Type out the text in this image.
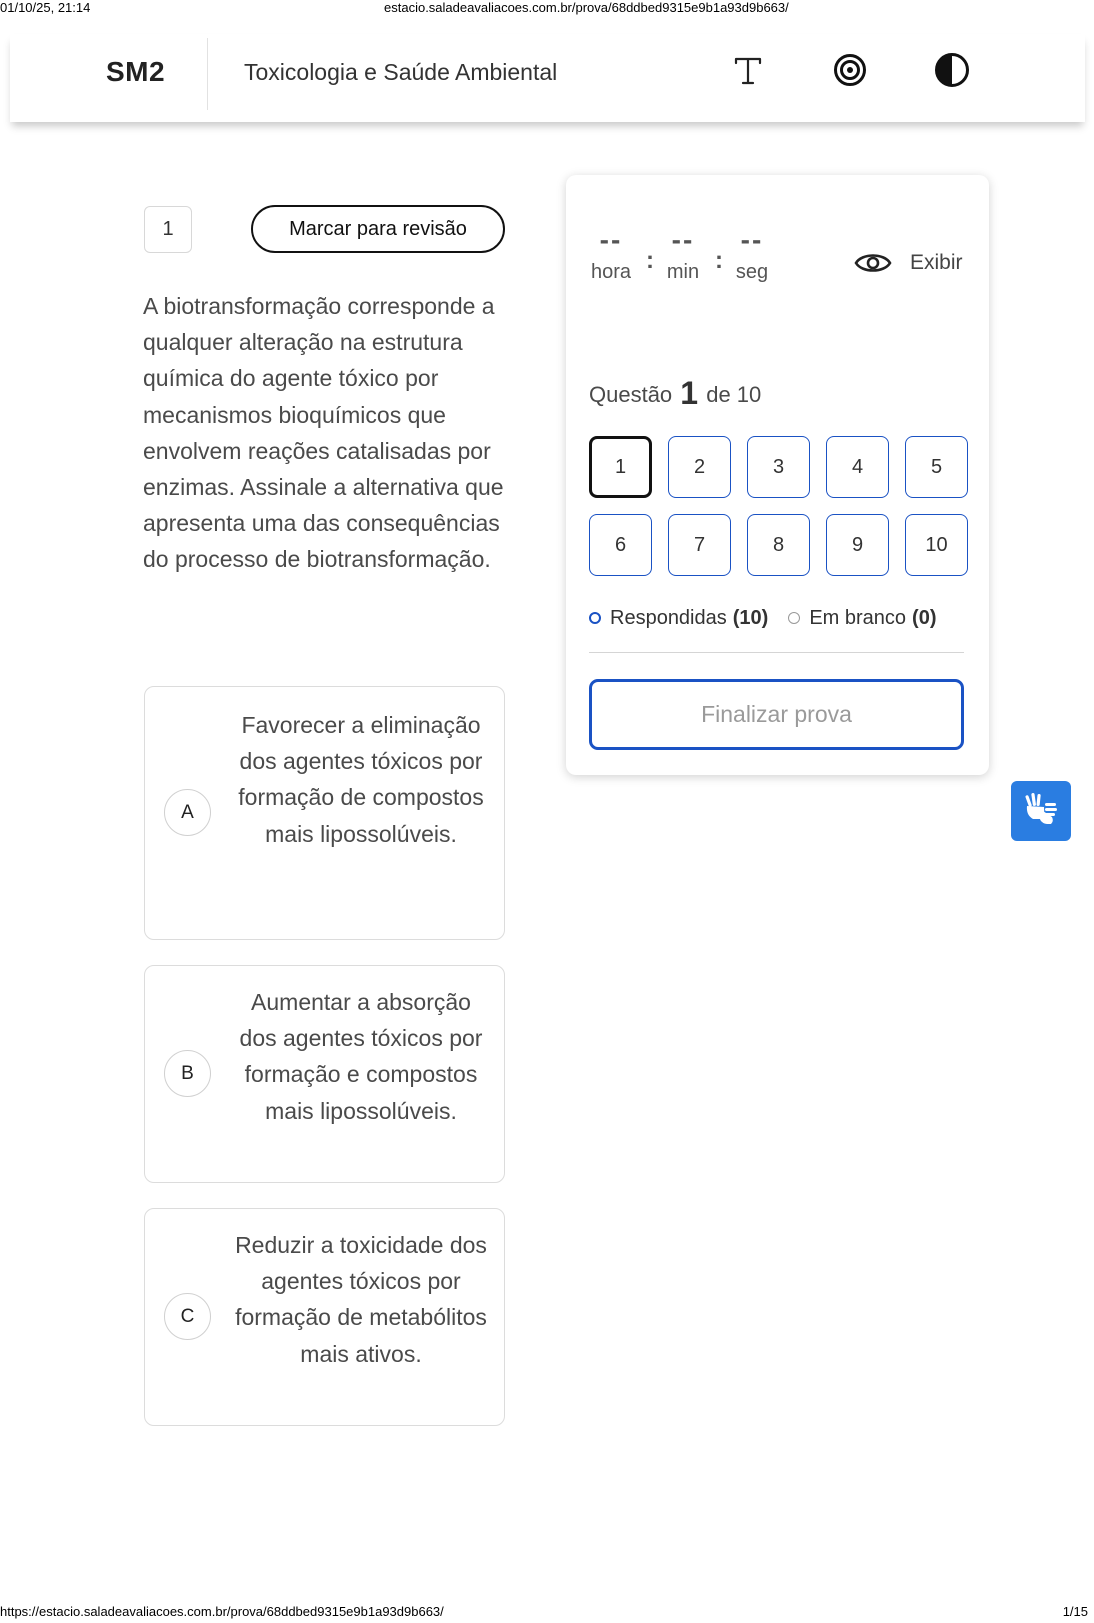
01/10/25, 21:14	estacio.saladeavaliacoes.com.br/prova/68ddbed9315e9b1a93d9b663/
SM2	Toxicologia e Saúde Ambiental
1	Marcar para revisão
A biotransformação corresponde a qualquer alteração na estrutura química do agente tóxico por mecanismos bioquímicos que envolvem reações catalisadas por enzimas. Assinale a alternativa que apresenta uma das consequências do processo de biotransformação.
A
Favorecer a eliminação dos agentes tóxicos por formação de compostos mais lipossolúveis.
B
Aumentar a absorção dos agentes tóxicos por formação e compostos mais lipossolúveis.
C
Reduzir a toxicidade dos agentes tóxicos por formação de metabólitos mais ativos.
--
hora :
--
min :
--
seg	Exibir
Questão 1 de 10
1	2	3	4	5
6	7	8	9	10
Respondidas (10) Em branco (0)
Finalizar prova
https://estacio.saladeavaliacoes.com.br/prova/68ddbed9315e9b1a93d9b663/	1/15
